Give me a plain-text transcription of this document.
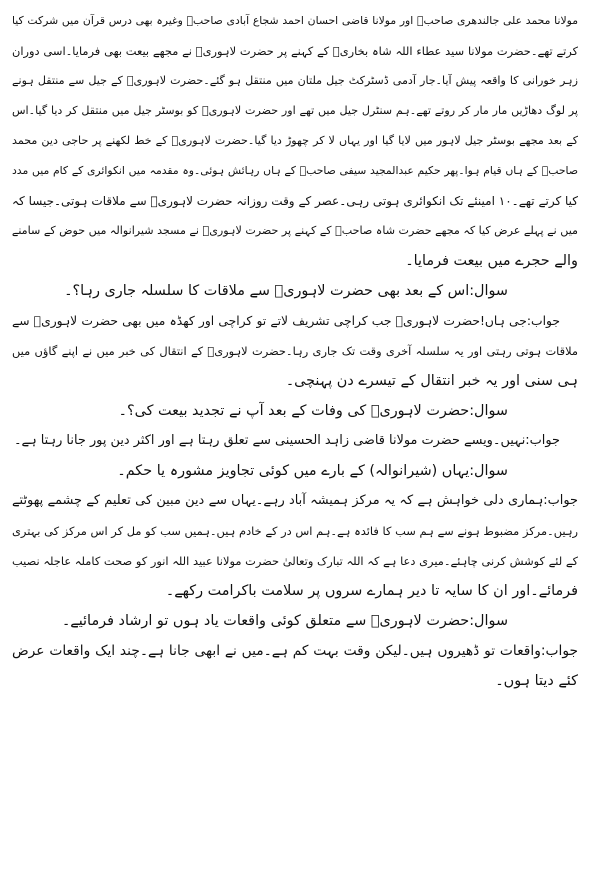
مولانا محمد علی جالندھری صاحبؒ اور مولانا قاضی احسان احمد شجاع آبادی صاحبؒ وغیرہ بھی درس قرآن میں شرکت کیا
کرتے تھے۔حضرت مولانا سید عطاء اللہ شاہ بخاریؒ کے کہنے پر حضرت لاہوریؒ نے مجھے بیعت بھی فرمایا۔اسی دوران
زہر خورانی کا واقعہ پیش آیا۔جار آدمی ڈسٹرکٹ جیل ملتان میں منتقل ہو گئے۔حضرت لاہوریؒ کے جیل سے منتقل ہونے
پر لوگ دھاڑیں مار مار کر روتے تھے۔ہم سنٹرل جیل میں تھے اور حضرت لاہوریؒ کو بوسٹر جیل میں منتقل کر دیا گیا۔اس
کے بعد مجھے بوسٹر جیل لاہور میں لایا گیا اور یہاں لا کر چھوڑ دیا گیا۔حضرت لاہوریؒ کے خط لکھنے پر حاجی دین محمد
صاحبؒ کے ہاں قیام ہوا۔پھر حکیم عبدالمجید سیفی صاحبؒ کے ہاں رہائش ہوئی۔وہ مقدمہ میں انکوائری کے کام میں مدد
کیا کرتے تھے۔۱۰ امینئے تک انکوائری ہوتی رہی۔عصر کے وقت روزانہ حضرت لاہوریؒ سے ملاقات ہوتی۔جیسا کہ
میں نے پہلے عرض کیا کہ مجھے حضرت شاہ صاحبؒ کے کہنے پر حضرت لاہوریؒ نے مسجد شیرانوالہ میں حوض کے سامنے
والے حجرے میں بیعت فرمایا۔
سوال:اس کے بعد بھی حضرت لاہوریؒ سے ملاقات کا سلسلہ جاری رہا؟۔
جواب:جی ہاں!حضرت لاہوریؒ جب کراچی تشریف لاتے تو کراچی اور کھڈہ میں بھی حضرت لاہوریؒ سے
ملاقات ہوتی رہتی اور یہ سلسلہ آخری وقت تک جاری رہا۔حضرت لاہوریؒ کے انتقال کی خبر میں نے اپنے گاؤں میں
ہی سنی اور یہ خبر انتقال کے تیسرے دن پہنچی۔
سوال:حضرت لاہوریؒ کی وفات کے بعد آپ نے تجدید بیعت کی؟۔
جواب:نہیں۔ویسے حضرت مولانا قاضی زاہد الحسینی سے تعلق رہتا ہے اور اکثر دین پور جانا رہتا ہے۔
سوال:یہاں (شیرانوالہ) کے بارے میں کوئی تجاویز مشورہ یا حکم۔
جواب:ہماری دلی خواہش ہے کہ یہ مرکز ہمیشہ آباد رہے۔یہاں سے دین مبین کی تعلیم کے چشمے پھوٹتے
رہیں۔مرکز مضبوط ہونے سے ہم سب کا فائدہ ہے۔ہم اس در کے خادم ہیں۔ہمیں سب کو مل کر اس مرکز کی بہتری
کے لئے کوشش کرنی چاہئے۔میری دعا ہے کہ اللہ تبارک وتعالیٰ حضرت مولانا عبید اللہ انور کو صحت کاملہ عاجلہ نصیب
فرمائے۔اور ان کا سایہ تا دیر ہمارے سروں پر سلامت باکرامت رکھے۔
سوال:حضرت لاہوریؒ سے متعلق کوئی واقعات یاد ہوں تو ارشاد فرمائیے۔
جواب:واقعات تو ڈھیروں ہیں۔لیکن وقت بہت کم ہے۔میں نے ابھی جانا ہے۔چند ایک واقعات عرض
کئے دیتا ہوں۔
